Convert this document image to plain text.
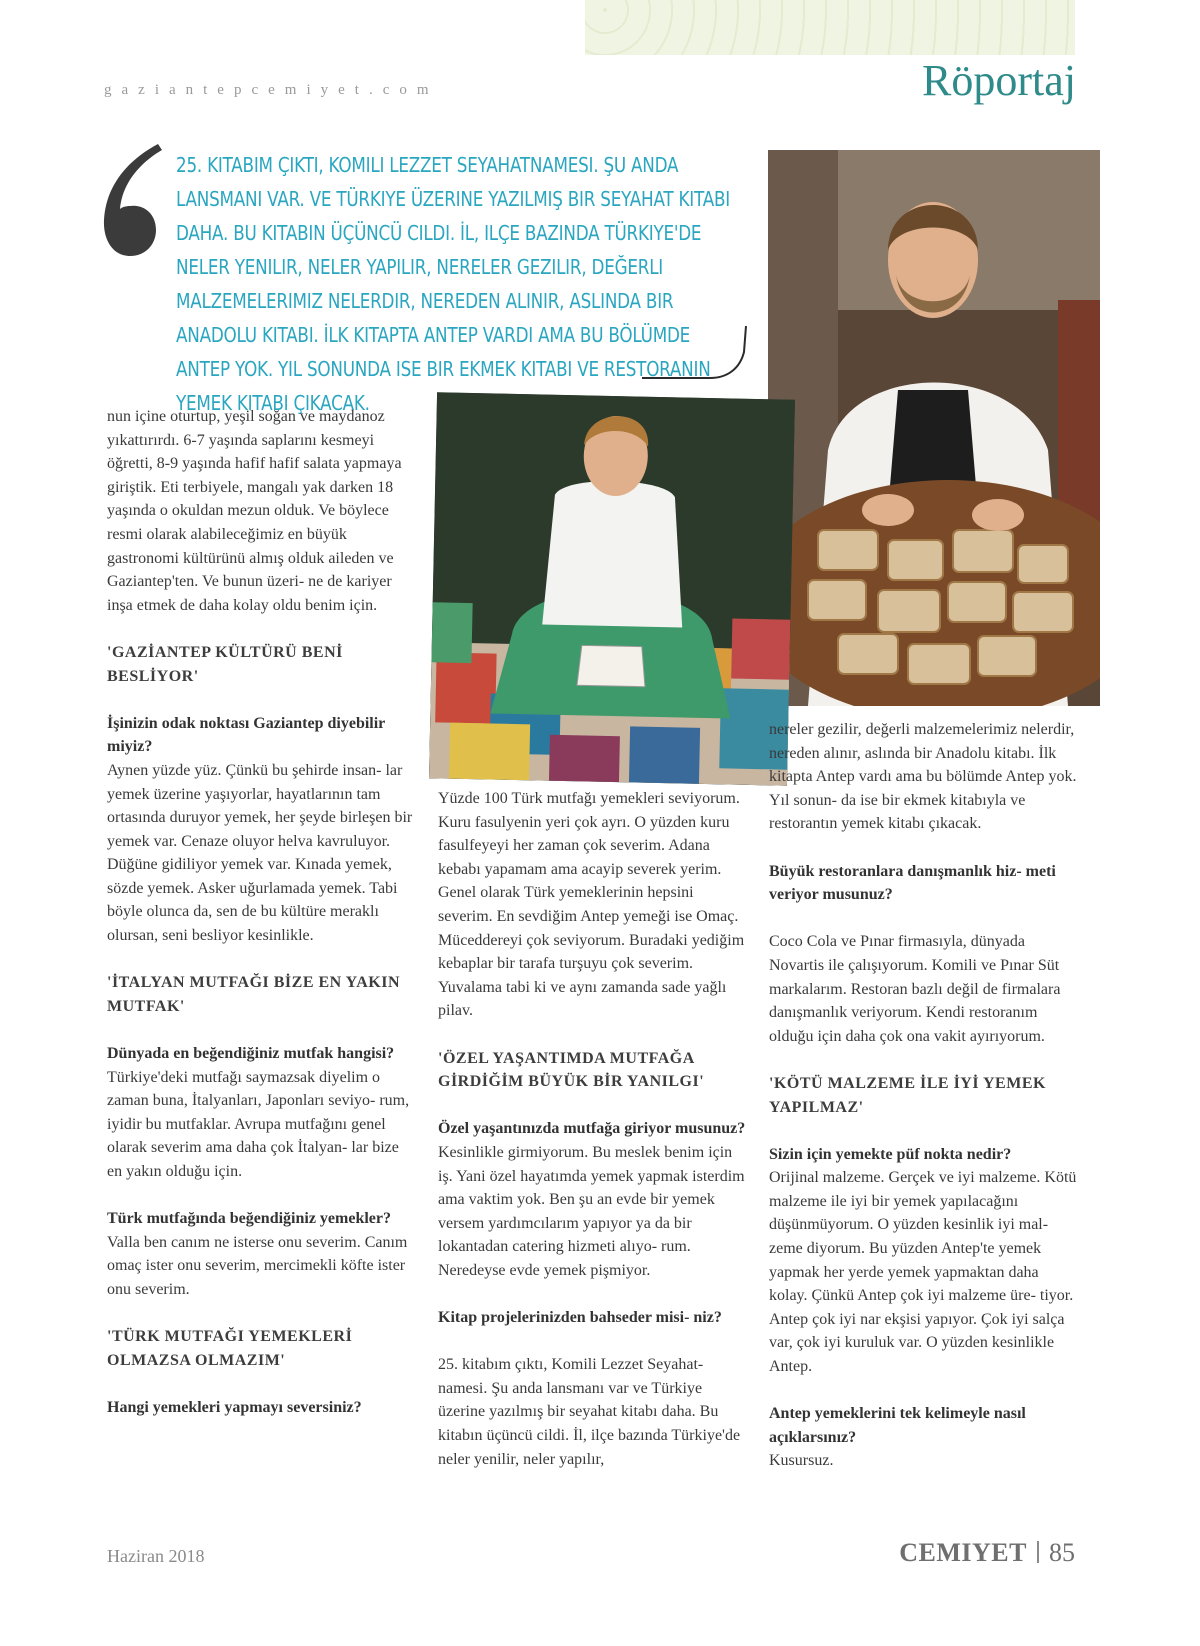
gaziantepcemiyet.com	Röportaj
25. KITABIM ÇIKTI, KOMILI LEZZET SEYAHATNAMESI. ŞU ANDA LANSMANI VAR. VE TÜRKIYE ÜZERINE YAZILMIŞ BIR SEYAHAT KITABI DAHA. BU KITABIN ÜÇÜNCÜ CILDI. İL, ILÇE BAZINDA TÜRKIYE'DE NELER YENILIR, NELER YAPILIR, NERELER GEZILIR, DEĞERLI MALZEMELERIMIZ NELERDIR, NEREDEN ALINIR, ASLINDA BIR ANADOLU KITABI. İLK KITAPTA ANTEP VARDI AMA BU BÖLÜMDE ANTEP YOK. YIL SONUNDA ISE BIR EKMEK KITABI VE RESTORANIN YEMEK KITABI ÇIKACAK.

nun içine oturtup, yeşil soğan ve maydanoz yıkattırırdı. 6-7 yaşında saplarını kesmeyi öğretti, 8-9 yaşında hafif hafif salata yapmaya giriştik. Eti terbiyele, mangalı yak darken 18 yaşında o okuldan mezun olduk. Ve böylece resmi olarak alabileceğimiz en büyük gastronomi kültürünü almış olduk aileden ve Gaziantep'ten. Ve bunun üzeri- ne de kariyer inşa etmek de daha kolay oldu benim için.

'GAZİANTEP KÜLTÜRÜ BENİ BESLİYOR'
İşinizin odak noktası Gaziantep diyebilir miyiz?

Aynen yüzde yüz. Çünkü bu şehirde insan- lar yemek üzerine yaşıyorlar, hayatlarının tam ortasında duruyor yemek, her şeyde birleşen bir yemek var. Cenaze oluyor helva kavruluyor. Düğüne gidiliyor yemek var. Kınada yemek, sözde yemek. Asker uğurlamada yemek. Tabi böyle olunca da, sen de bu kültüre meraklı olursan, seni besliyor kesinlikle.

'İTALYAN MUTFAĞI BİZE EN YAKIN MUTFAK'
Dünyada en beğendiğiniz mutfak hangisi?

Türkiye'deki mutfağı saymazsak diyelim o zaman buna, İtalyanları, Japonları seviyo- rum, iyidir bu mutfaklar. Avrupa mutfağını genel olarak severim ama daha çok İtalyan- lar bize en yakın olduğu için.

Türk mutfağında beğendiğiniz yemekler?

Valla ben canım ne isterse onu severim. Canım omaç ister onu severim, mercimekli köfte ister onu severim.

'TÜRK MUTFAĞI YEMEKLERİ OLMAZSA OLMAZIM'
Hangi yemekleri yapmayı seversiniz?

Yüzde 100 Türk mutfağı yemekleri seviyorum. Kuru fasulyenin yeri çok ayrı. O yüzden kuru fasulfeyeyi her zaman çok severim. Adana kebabı yapamam ama acayip severek yerim. Genel olarak Türk yemeklerinin hepsini severim. En sevdiğim Antep yemeği ise Omaç. Müceddereyi çok seviyorum. Buradaki yediğim kebaplar bir tarafa turşuyu çok severim. Yuvalama tabi ki ve aynı zamanda sade yağlı pilav.

'ÖZEL YAŞANTIMDA MUTFAĞA GİRDİĞİM BÜYÜK BİR YANILGI'
Özel yaşantınızda mutfağa giriyor musunuz?

Kesinlikle girmiyorum. Bu meslek benim için iş. Yani özel hayatımda yemek yapmak isterdim ama vaktim yok. Ben şu an evde bir yemek versem yardımcılarım yapıyor ya da bir lokantadan catering hizmeti alıyo- rum. Neredeyse evde yemek pişmiyor.

Kitap projelerinizden bahseder misi- niz?

25. kitabım çıktı, Komili Lezzet Seyahat- namesi. Şu anda lansmanı var ve Türkiye üzerine yazılmış bir seyahat kitabı daha. Bu kitabın üçüncü cildi. İl, ilçe bazında Türkiye'de neler yenilir, neler yapılır,

nereler gezilir, değerli malzemelerimiz nelerdir, nereden alınır, aslında bir Anadolu kitabı. İlk kitapta Antep vardı ama bu bölümde Antep yok. Yıl sonun- da ise bir ekmek kitabıyla ve restorantın yemek kitabı çıkacak.

Büyük restoranlara danışmanlık hiz- meti veriyor musunuz?

Coco Cola ve Pınar firmasıyla, dünyada Novartis ile çalışıyorum. Komili ve Pınar Süt markalarım. Restoran bazlı değil de firmalara danışmanlık veriyorum. Kendi restoranım olduğu için daha çok ona vakit ayırıyorum.

'KÖTÜ MALZEME İLE İYİ YEMEK YAPILMAZ'
Sizin için yemekte püf nokta nedir?

Orijinal malzeme. Gerçek ve iyi malzeme. Kötü malzeme ile iyi bir yemek yapılacağını düşünmüyorum. O yüzden kesinlik iyi mal- zeme diyorum. Bu yüzden Antep'te yemek yapmak her yerde yemek yapmaktan daha kolay. Çünkü Antep çok iyi malzeme üre- tiyor. Antep çok iyi nar ekşisi yapıyor. Çok iyi salça var, çok iyi kuruluk var. O yüzden kesinlikle Antep.

Antep yemeklerini tek kelimeyle nasıl açıklarsınız?

Kusursuz.

Haziran 2018	CEMIYET 85
